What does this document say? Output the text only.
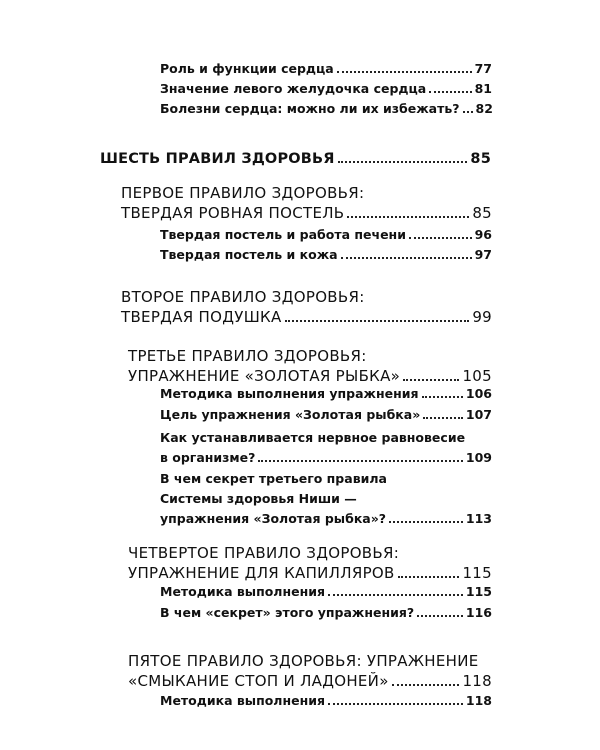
Роль и функции сердца	77
Значение левого желудочка сердца	81
Болезни сердца: можно ли их избежать? 82
ШЕСТЬ ПРАВИЛ ЗДОРОВЬЯ	85
ПЕРВОЕ ПРАВИЛО ЗДОРОВЬЯ:
ТВЕРДАЯ РОВНАЯ ПОСТЕЛЬ	85
Твердая постель и работа печени	96
Твердая постель и кожа	97
ВТОРОЕ ПРАВИЛО ЗДОРОВЬЯ:
ТВЕРДАЯ ПОДУШКА	99
ТРЕТЬЕ ПРАВИЛО ЗДОРОВЬЯ:
УПРАЖНЕНИЕ «ЗОЛОТАЯ РЫБКА»	105
Методика выполнения упражнения	106
Цель упражнения «Золотая рыбка»	107
Как устанавливается нервное равновесие
в организме?	109
В чем секрет третьего правила
Системы здоровья Ниши —
упражнения «Золотая рыбка»?	113
ЧЕТВЕРТОЕ ПРАВИЛО ЗДОРОВЬЯ:
УПРАЖНЕНИЕ ДЛЯ КАПИЛЛЯРОВ	115
Методика выполнения	115
В чем «секрет» этого упражнения?	116
ПЯТОЕ ПРАВИЛО ЗДОРОВЬЯ: УПРАЖНЕНИЕ
«СМЫКАНИЕ СТОП И ЛАДОНЕЙ»	118
Методика выполнения	118
